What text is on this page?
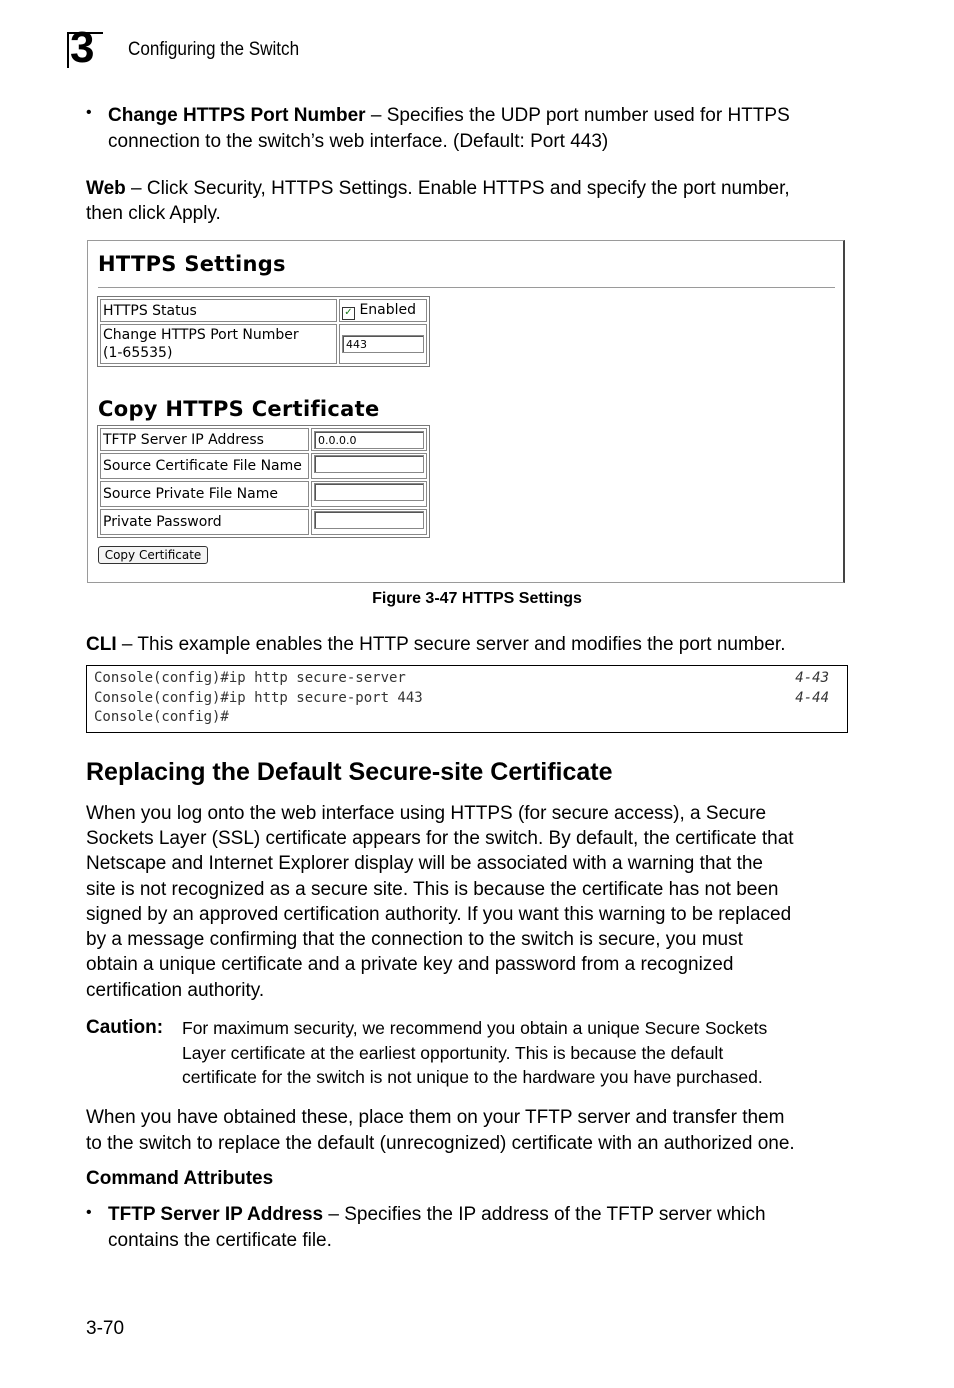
3 Configuring the Switch
• Change HTTPS Port Number – Specifies the UDP port number used for HTTPS
connection to the switch’s web interface. (Default: Port 443)
Web – Click Security, HTTPS Settings. Enable HTTPS and specify the port number,
then click Apply.
HTTPS Settings
HTTPS Status	✓ Enabled
Change HTTPS Port Number
(1-65535)	443
Copy HTTPS Certificate
TFTP Server IP Address	0.0.0.0
Source Certificate File Name	
Source Private File Name	
Private Password	
Copy Certificate
Figure 3-47 HTTPS Settings
CLI – This example enables the HTTP secure server and modifies the port number.
Console(config)#ip http secure-server	4-43
Console(config)#ip http secure-port 443	4-44
Console(config)#
Replacing the Default Secure-site Certificate
When you log onto the web interface using HTTPS (for secure access), a Secure
Sockets Layer (SSL) certificate appears for the switch. By default, the certificate that
Netscape and Internet Explorer display will be associated with a warning that the
site is not recognized as a secure site. This is because the certificate has not been
signed by an approved certification authority. If you want this warning to be replaced
by a message confirming that the connection to the switch is secure, you must
obtain a unique certificate and a private key and password from a recognized
certification authority.
Caution: For maximum security, we recommend you obtain a unique Secure Sockets
Layer certificate at the earliest opportunity. This is because the default
certificate for the switch is not unique to the hardware you have purchased.
When you have obtained these, place them on your TFTP server and transfer them
to the switch to replace the default (unrecognized) certificate with an authorized one.
Command Attributes
• TFTP Server IP Address – Specifies the IP address of the TFTP server which
contains the certificate file.
3-70
